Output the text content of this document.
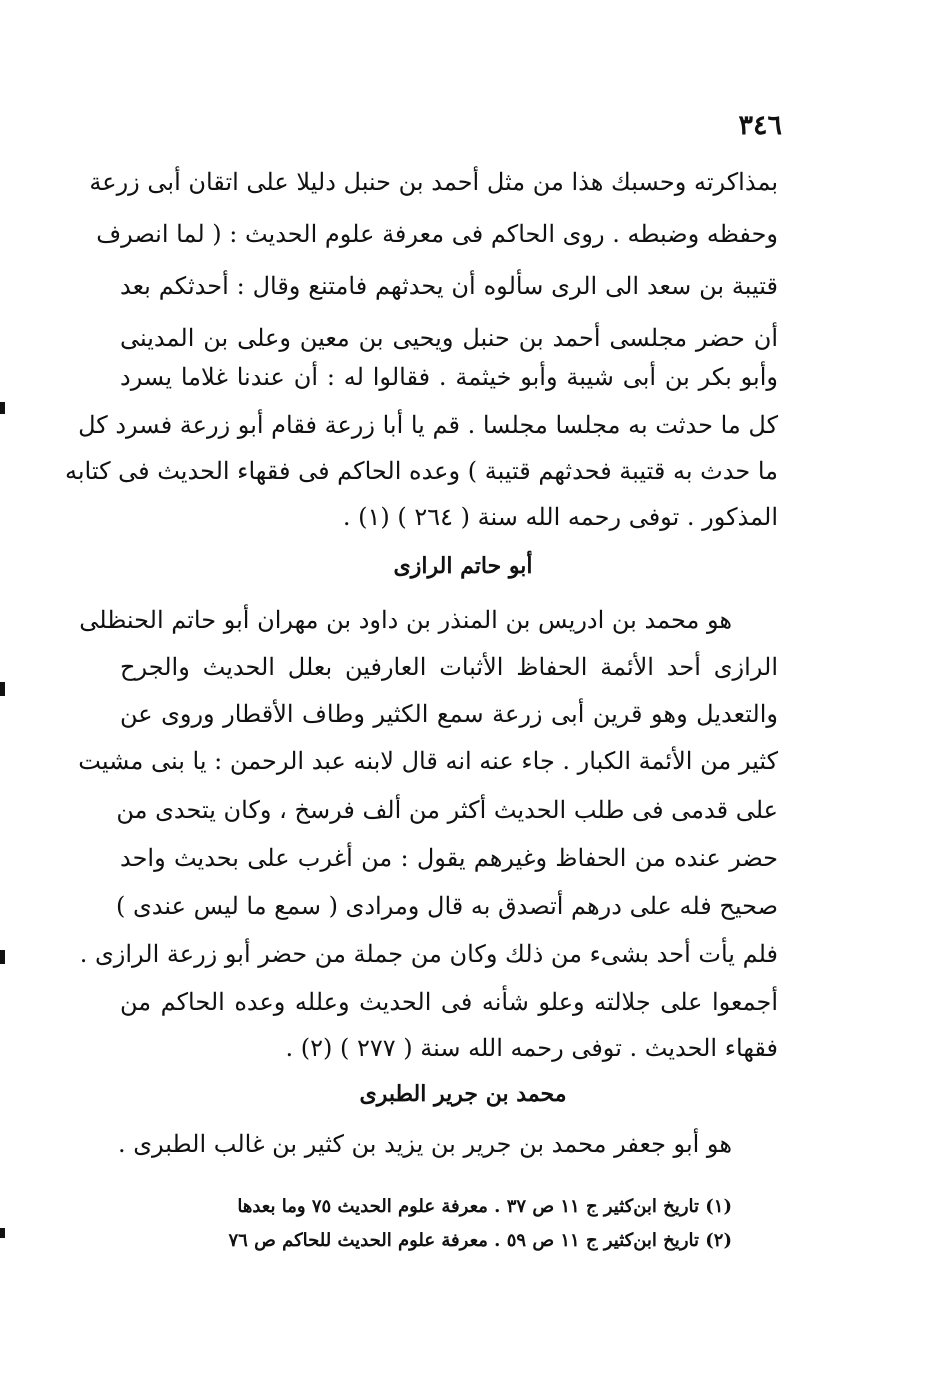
٣٤٦
بمذاكرته وحسبك هذا من مثل أحمد بن حنبل دليلا على اتقان أبى زرعة
وحفظه وضبطه . روى الحاكم فى معرفة علوم الحديث : ( لما انصرف
قتيبة بن سعد الى الرى سألوه أن يحدثهم فامتنع وقال : أحدثكم بعد
أن حضر مجلسى أحمد بن حنبل ويحيى بن معين وعلى بن المدينى
وأبو بكر بن أبى شيبة وأبو خيثمة . فقالوا له : أن عندنا غلاما يسرد
كل ما حدثت به مجلسا مجلسا . قم يا أبا زرعة فقام أبو زرعة فسرد كل
ما حدث به قتيبة فحدثهم قتيبة ) وعده الحاكم فى فقهاء الحديث فى كتابه
المذكور . توفى رحمه الله سنة ( ٢٦٤ ) (١) .
أبو حاتم الرازى
هو محمد بن ادريس بن المنذر بن داود بن مهران أبو حاتم الحنظلى
الرازى أحد الأئمة الحفاظ الأثبات العارفين بعلل الحديث والجرح
والتعديل وهو قرين أبى زرعة سمع الكثير وطاف الأقطار وروى عن
كثير من الأئمة الكبار . جاء عنه انه قال لابنه عبد الرحمن : يا بنى مشيت
على قدمى فى طلب الحديث أكثر من ألف فرسخ ، وكان يتحدى من
حضر عنده من الحفاظ وغيرهم يقول : من أغرب على بحديث واحد
صحيح فله على درهم أتصدق به قال ومرادى ( سمع ما ليس عندى )
فلم يأت أحد بشىء من ذلك وكان من جملة من حضر أبو زرعة الرازى .
أجمعوا على جلالته وعلو شأنه فى الحديث وعلله وعده الحاكم من
فقهاء الحديث . توفى رحمه الله سنة ( ٢٧٧ ) (٢) .
محمد بن جرير الطبرى
هو أبو جعفر محمد بن جرير بن يزيد بن كثير بن غالب الطبرى .
(١) تاريخ ابن‌كثير ج ١١ ص ٣٧ . معرفة علوم الحديث ٧٥ وما بعدها
(٢) تاريخ ابن‌كثير ج ١١ ص ٥٩ . معرفة علوم الحديث للحاكم ص ٧٦
